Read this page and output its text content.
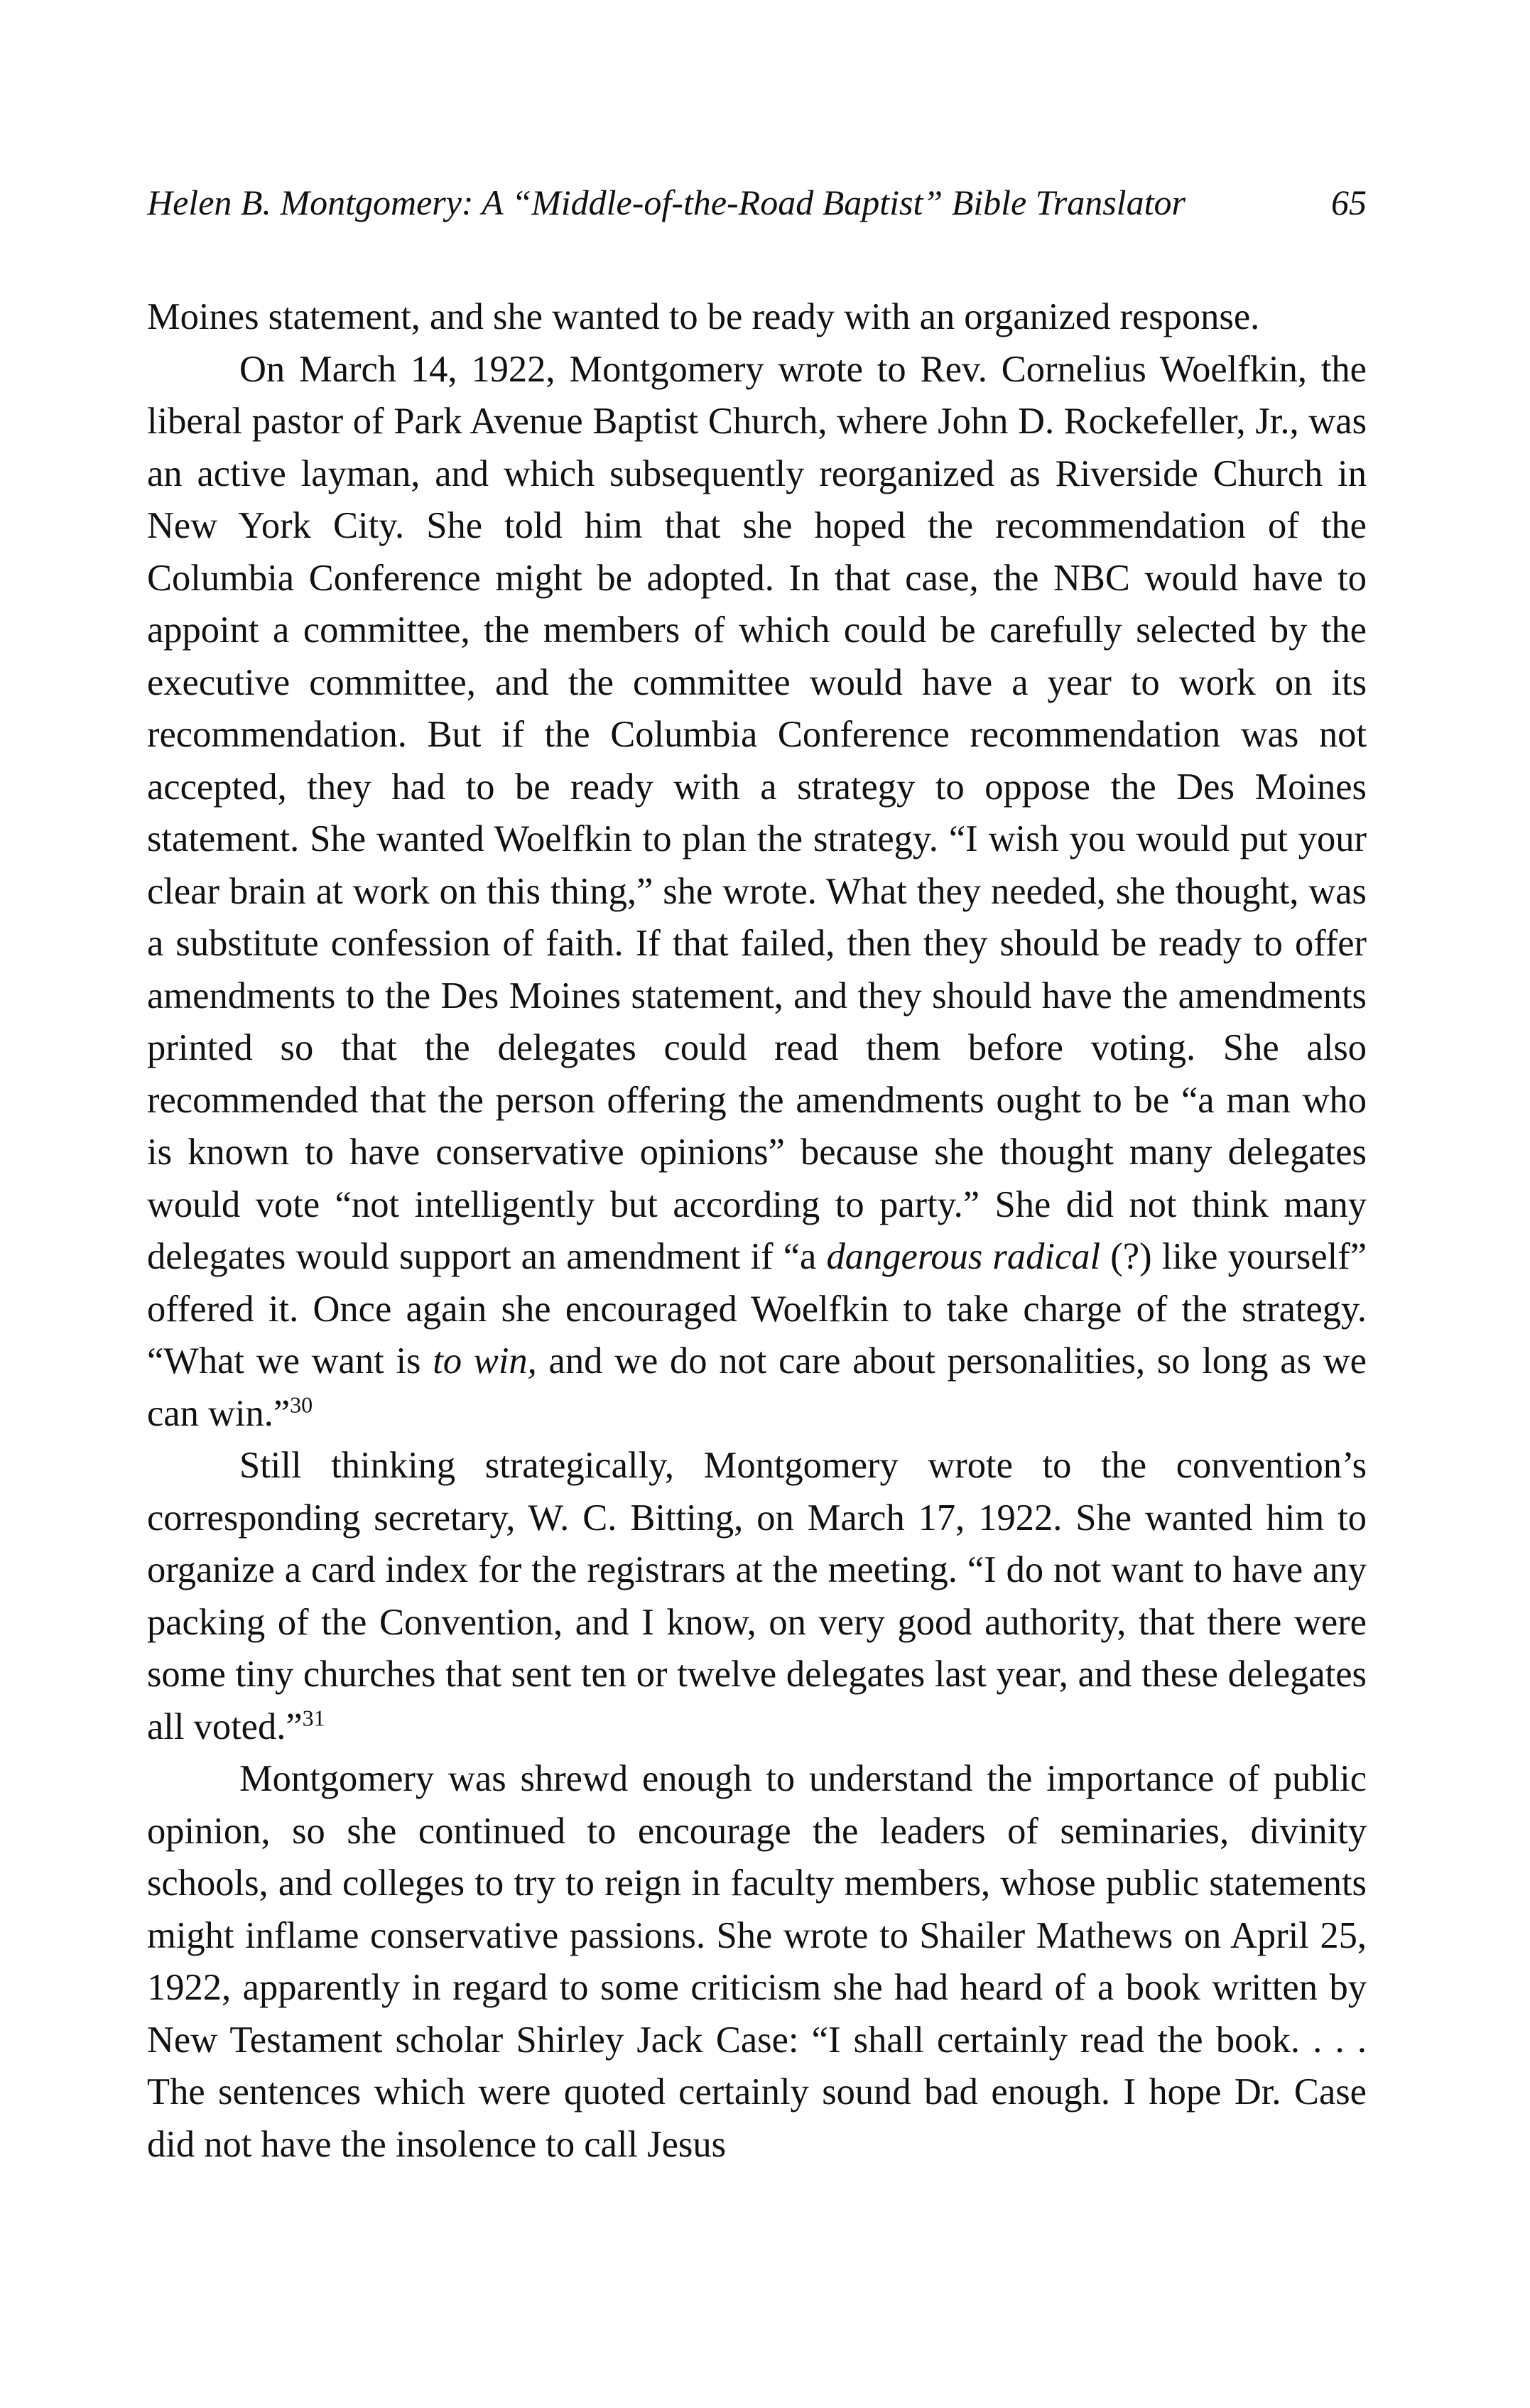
Helen B. Montgomery: A “Middle-of-the-Road Baptist” Bible Translator	65

Moines statement, and she wanted to be ready with an organized response.

On March 14, 1922, Montgomery wrote to Rev. Cornelius Woelfkin, the liberal pastor of Park Avenue Baptist Church, where John D. Rockefeller, Jr., was an active layman, and which subsequently reorganized as Riverside Church in New York City. She told him that she hoped the recommendation of the Columbia Conference might be adopted. In that case, the NBC would have to appoint a committee, the members of which could be carefully selected by the executive committee, and the committee would have a year to work on its recommendation. But if the Columbia Conference recommendation was not accepted, they had to be ready with a strategy to oppose the Des Moines statement. She wanted Woelfkin to plan the strategy. “I wish you would put your clear brain at work on this thing,” she wrote. What they needed, she thought, was a substitute confession of faith. If that failed, then they should be ready to offer amendments to the Des Moines statement, and they should have the amendments printed so that the delegates could read them before voting. She also recommended that the person offering the amendments ought to be “a man who is known to have conservative opinions” because she thought many delegates would vote “not intelligently but according to party.” She did not think many delegates would support an amendment if “a dangerous radical (?) like yourself” offered it. Once again she encouraged Woelfkin to take charge of the strategy. “What we want is to win, and we do not care about personalities, so long as we can win.”$^{30}$

Still thinking strategically, Montgomery wrote to the convention’s corresponding secretary, W. C. Bitting, on March 17, 1922. She wanted him to organize a card index for the registrars at the meeting. “I do not want to have any packing of the Convention, and I know, on very good authority, that there were some tiny churches that sent ten or twelve delegates last year, and these delegates all voted.”$^{31}$

Montgomery was shrewd enough to understand the importance of public opinion, so she continued to encourage the leaders of seminaries, divinity schools, and colleges to try to reign in faculty members, whose public statements might inflame conservative passions. She wrote to Shailer Mathews on April 25, 1922, apparently in regard to some criticism she had heard of a book written by New Testament scholar Shirley Jack Case: “I shall certainly read the book. . . . The sentences which were quoted certainly sound bad enough. I hope Dr. Case did not have the insolence to call Jesus
